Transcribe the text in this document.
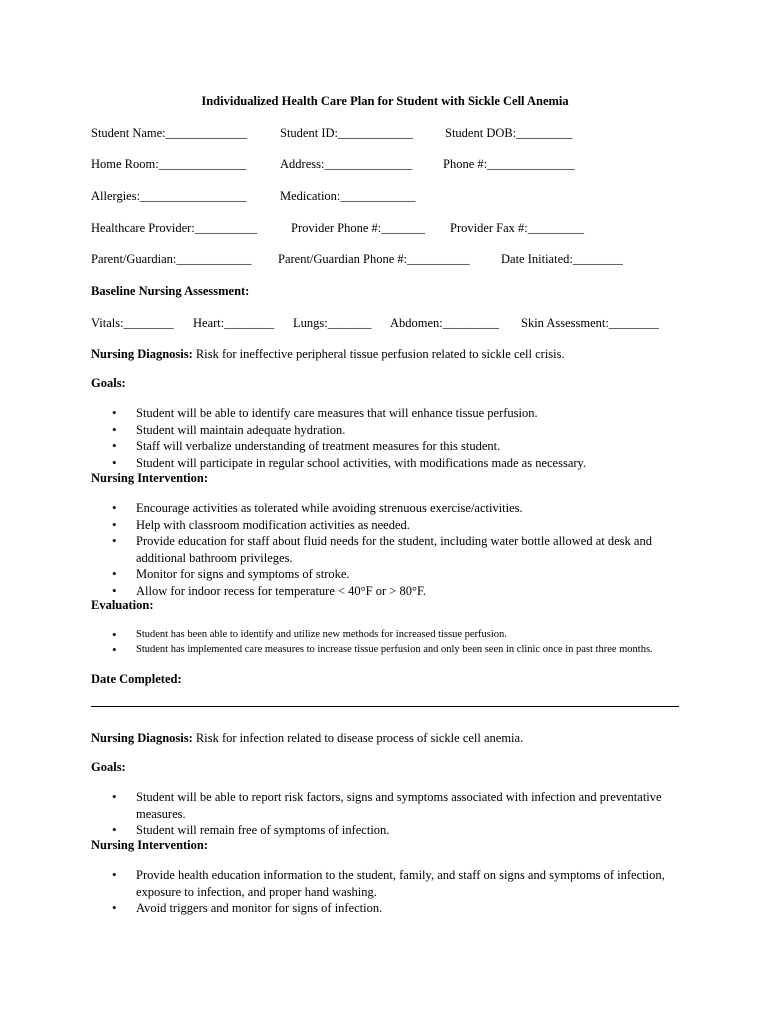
Individualized Health Care Plan for Student with Sickle Cell Anemia
Student Name:_____________	Student ID:____________	Student DOB:_________
Home Room:______________	Address:______________ Phone #:______________
Allergies:_________________	Medication:____________
Healthcare Provider:__________	Provider Phone #:_______ Provider Fax #:_________
Parent/Guardian:____________ Parent/Guardian Phone #:__________	Date Initiated:________
Baseline Nursing Assessment:
Vitals:________ Heart:________ Lungs:_______ Abdomen:_________ Skin Assessment:________
Nursing Diagnosis: Risk for ineffective peripheral tissue perfusion related to sickle cell crisis.
Goals:
• Student will be able to identify care measures that will enhance tissue perfusion.
• Student will maintain adequate hydration.
• Staff will verbalize understanding of treatment measures for this student.
• Student will participate in regular school activities, with modifications made as necessary.
Nursing Intervention:
• Encourage activities as tolerated while avoiding strenuous exercise/activities.
• Help with classroom modification activities as needed.
• Provide education for staff about fluid needs for the student, including water bottle allowed at desk and additional bathroom privileges.
• Monitor for signs and symptoms of stroke.
• Allow for indoor recess for temperature < 40°F or > 80°F.
Evaluation:
• Student has been able to identify and utilize new methods for increased tissue perfusion.
• Student has implemented care measures to increase tissue perfusion and only been seen in clinic once in past three months.
Date Completed:
Nursing Diagnosis: Risk for infection related to disease process of sickle cell anemia.
Goals:
• Student will be able to report risk factors, signs and symptoms associated with infection and preventative measures.
• Student will remain free of symptoms of infection.
Nursing Intervention:
• Provide health education information to the student, family, and staff on signs and symptoms of infection, exposure to infection, and proper hand washing.
• Avoid triggers and monitor for signs of infection.
